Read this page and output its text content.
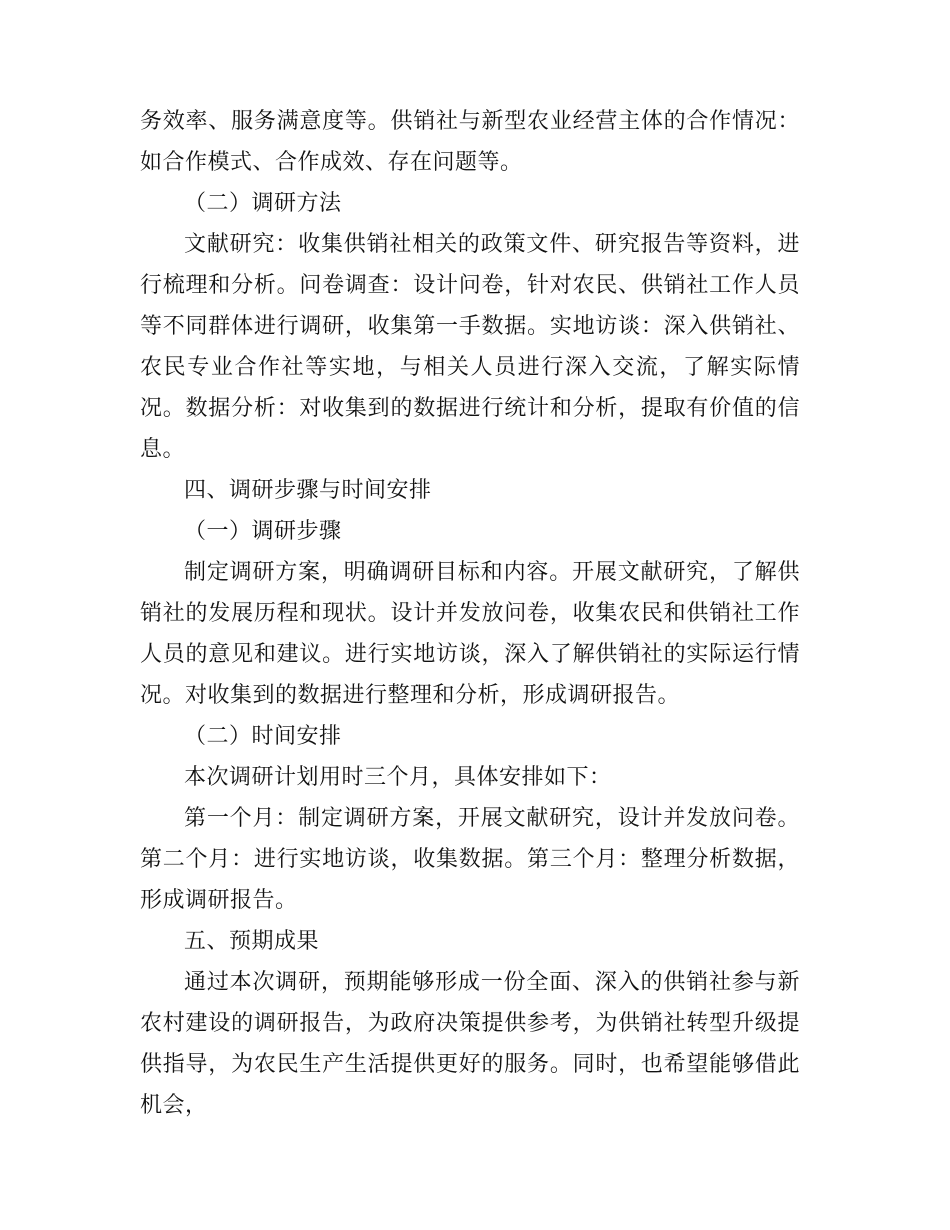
务效率、服务满意度等。供销社与新型农业经营主体的合作情况：如合作模式、合作成效、存在问题等。

（二）调研方法

文献研究：收集供销社相关的政策文件、研究报告等资料，进行梳理和分析。问卷调查：设计问卷，针对农民、供销社工作人员等不同群体进行调研，收集第一手数据。实地访谈：深入供销社、农民专业合作社等实地，与相关人员进行深入交流，了解实际情况。数据分析：对收集到的数据进行统计和分析，提取有价值的信息。

四、调研步骤与时间安排

（一）调研步骤

制定调研方案，明确调研目标和内容。开展文献研究，了解供销社的发展历程和现状。设计并发放问卷，收集农民和供销社工作人员的意见和建议。进行实地访谈，深入了解供销社的实际运行情况。对收集到的数据进行整理和分析，形成调研报告。

（二）时间安排

本次调研计划用时三个月，具体安排如下：

第一个月：制定调研方案，开展文献研究，设计并发放问卷。第二个月：进行实地访谈，收集数据。第三个月：整理分析数据，形成调研报告。

五、预期成果

通过本次调研，预期能够形成一份全面、深入的供销社参与新农村建设的调研报告，为政府决策提供参考，为供销社转型升级提供指导，为农民生产生活提供更好的服务。同时，也希望能够借此机会，
